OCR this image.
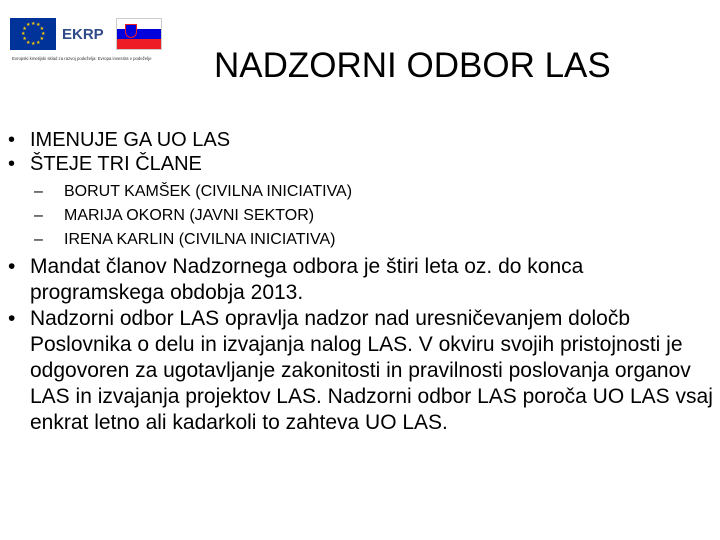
★
★
★
★
★
★
★
★
★ ★ ★
★ EKRP
Evropski kmetijski sklad za razvoj podeželja: Evropa investira v podeželje	NADZORNI ODBOR LAS
• IMENUJE GA UO LAS
• ŠTEJE TRI ČLANE
– BORUT KAMŠEK (CIVILNA INICIATIVA)
– MARIJA OKORN (JAVNI SEKTOR)
– IRENA KARLIN (CIVILNA INICIATIVA)
• Mandat članov Nadzornega odbora je štiri leta oz. do konca programskega obdobja 2013.
• Nadzorni odbor LAS opravlja nadzor nad uresničevanjem določb Poslovnika o delu in izvajanja nalog LAS. V okviru svojih pristojnosti je odgovoren za ugotavljanje zakonitosti in pravilnosti poslovanja organov LAS in izvajanja projektov LAS. Nadzorni odbor LAS poroča UO LAS vsaj enkrat letno ali kadarkoli to zahteva UO LAS.
